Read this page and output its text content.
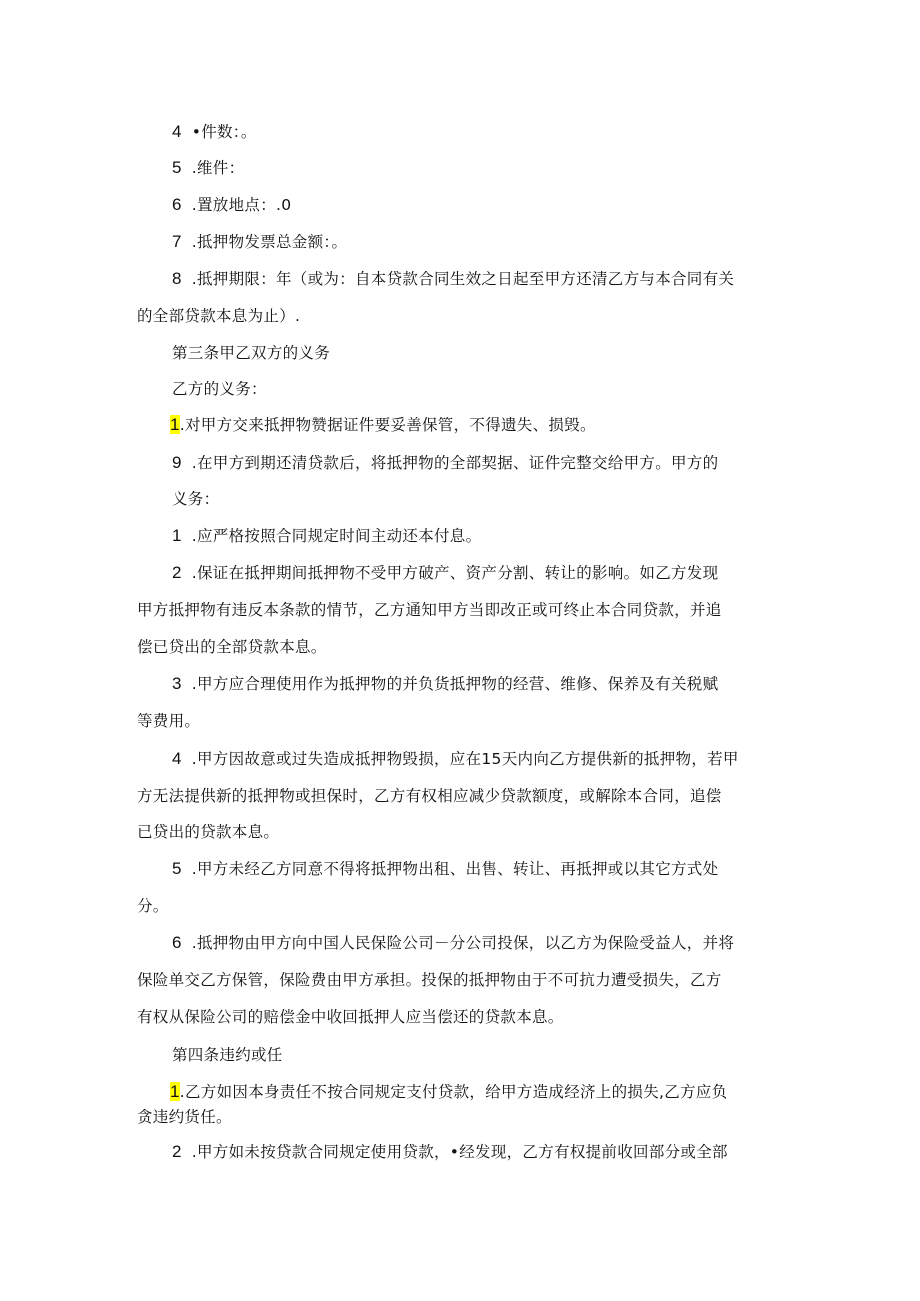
4 •件数：。

5 .维件：

6 .置放地点：.0

7 .抵押物发票总金额：。

8 .抵押期限：年（或为：自本贷款合同生效之日起至甲方还清乙方与本合同有关

的全部贷款本息为止）.

第三条甲乙双方的义务

乙方的义务：

1.对甲方交来抵押物赞据证件要妥善保管，不得遗失、损毁。

9 .在甲方到期还清贷款后，将抵押物的全部契据、证件完整交给甲方。甲方的

义务：

1 .应严格按照合同规定时间主动还本付息。

2 .保证在抵押期间抵押物不受甲方破产、资产分割、转让的影响。如乙方发现

甲方抵押物有违反本条款的情节，乙方通知甲方当即改正或可终止本合同贷款，并追

偿已贷出的全部贷款本息。

3 .甲方应合理使用作为抵押物的并负货抵押物的经营、维修、保养及有关税赋

等费用。

4 .甲方因故意或过失造成抵押物毁损，应在15天内向乙方提供新的抵押物，若甲

方无法提供新的抵押物或担保时，乙方有权相应减少贷款额度，或解除本合同，追偿

已贷出的贷款本息。

5 .甲方未经乙方同意不得将抵押物出租、出售、转让、再抵押或以其它方式处

分。

6 .抵押物由甲方向中国人民保险公司－分公司投保，以乙方为保险受益人，并将

保险单交乙方保管，保险费由甲方承担。投保的抵押物由于不可抗力遭受损失，乙方

有权从保险公司的赔偿金中收回抵押人应当偿还的贷款本息。

第四条违约或任

1.乙方如因本身责任不按合同规定支付贷款，给甲方造成经济上的损失,乙方应负

贪违约货任。

2 .甲方如未按贷款合同规定使用贷款，•经发现，乙方有权提前收回部分或全部
